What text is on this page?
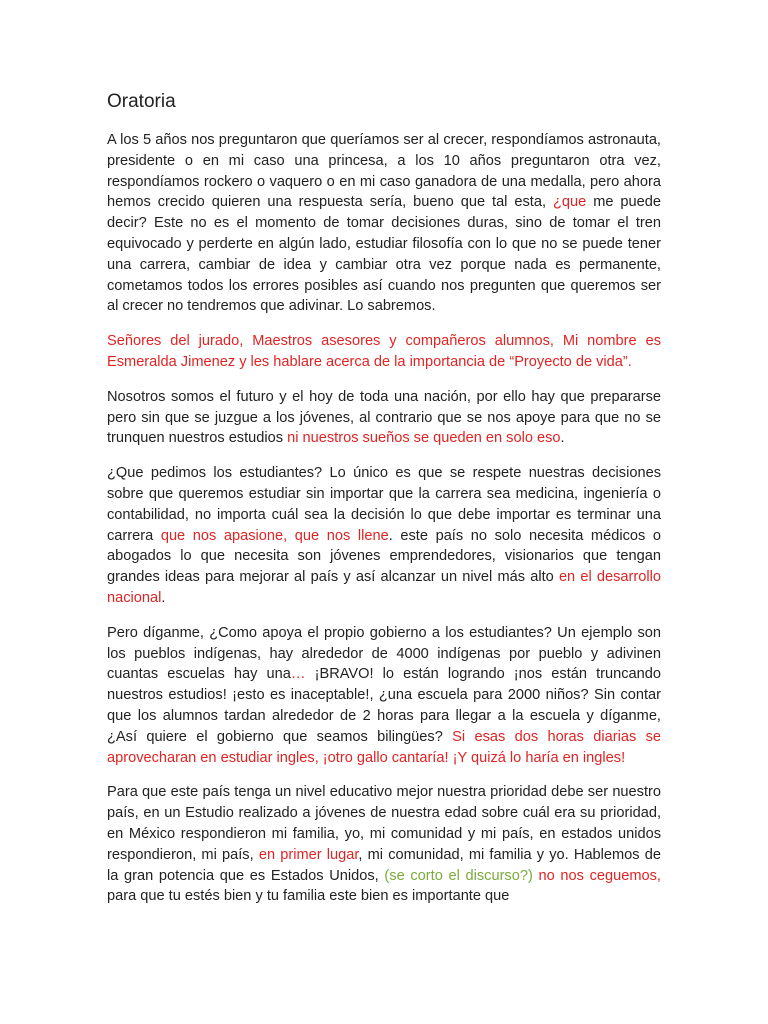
Oratoria

A los 5 años nos preguntaron que queríamos ser al crecer, respondíamos astronauta, presidente o en mi caso una princesa, a los 10 años preguntaron otra vez, respondíamos rockero o vaquero o en mi caso ganadora de una medalla, pero ahora hemos crecido quieren una respuesta sería, bueno que tal esta, ¿que me puede decir? Este no es el momento de tomar decisiones duras, sino de tomar el tren equivocado y perderte en algún lado, estudiar filosofía con lo que no se puede tener una carrera, cambiar de idea y cambiar otra vez porque nada es permanente, cometamos todos los errores posibles así cuando nos pregunten que queremos ser al crecer no tendremos que adivinar. Lo sabremos.

Señores del jurado, Maestros asesores y compañeros alumnos, Mi nombre es Esmeralda Jimenez y les hablare acerca de la importancia de “Proyecto de vida”.

Nosotros somos el futuro y el hoy de toda una nación, por ello hay que prepararse pero sin que se juzgue a los jóvenes, al contrario que se nos apoye para que no se trunquen nuestros estudios ni nuestros sueños se queden en solo eso.

¿Que pedimos los estudiantes? Lo único es que se respete nuestras decisiones sobre que queremos estudiar sin importar que la carrera sea medicina, ingeniería o contabilidad, no importa cuál sea la decisión lo que debe importar es terminar una carrera que nos apasione, que nos llene. este país no solo necesita médicos o abogados lo que necesita son jóvenes emprendedores, visionarios que tengan grandes ideas para mejorar al país y así alcanzar un nivel más alto en el desarrollo nacional.

Pero díganme, ¿Como apoya el propio gobierno a los estudiantes? Un ejemplo son los pueblos indígenas, hay alrededor de 4000 indígenas por pueblo y adivinen cuantas escuelas hay una… ¡BRAVO! lo están logrando ¡nos están truncando nuestros estudios! ¡esto es inaceptable!, ¿una escuela para 2000 niños? Sin contar que los alumnos tardan alrededor de 2 horas para llegar a la escuela y díganme, ¿Así quiere el gobierno que seamos bilingües? Si esas dos horas diarias se aprovecharan en estudiar ingles, ¡otro gallo cantaría! ¡Y quizá lo haría en ingles!

Para que este país tenga un nivel educativo mejor nuestra prioridad debe ser nuestro país, en un Estudio realizado a jóvenes de nuestra edad sobre cuál era su prioridad, en México respondieron mi familia, yo, mi comunidad y mi país, en estados unidos respondieron, mi país, en primer lugar, mi comunidad, mi familia y yo. Hablemos de la gran potencia que es Estados Unidos, (se corto el discurso?) no nos ceguemos, para que tu estés bien y tu familia este bien es importante que
